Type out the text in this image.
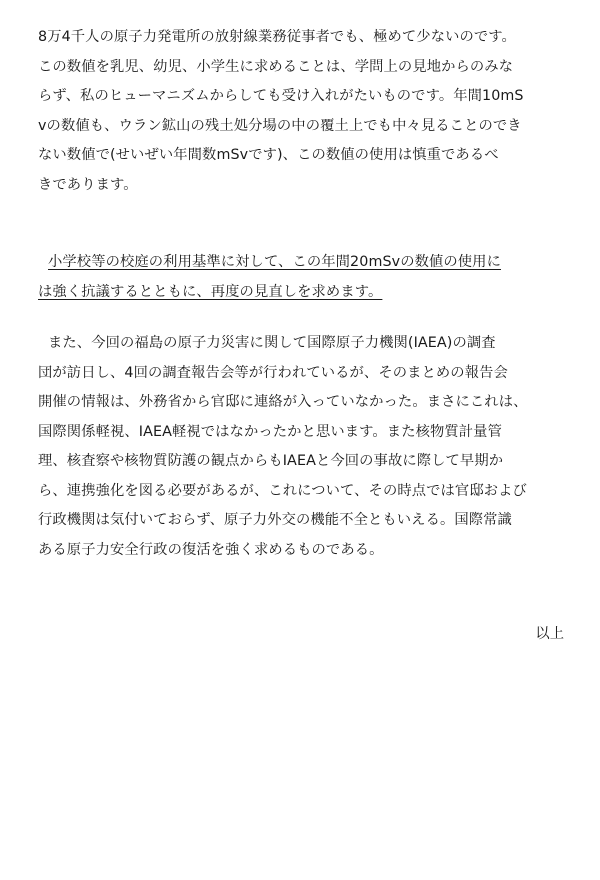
8万4千人の原子力発電所の放射線業務従事者でも、極めて少ないのです。
この数値を乳児、幼児、小学生に求めることは、学問上の見地からのみな
らず、私のヒューマニズムからしても受け入れがたいものです。年間10mS
vの数値も、ウラン鉱山の残土処分場の中の覆土上でも中々見ることのでき
ない数値で(せいぜい年間数mSvです)、この数値の使用は慎重であるべ
きであります。
小学校等の校庭の利用基準に対して、この年間20mSvの数値の使用に
は強く抗議するとともに、再度の見直しを求めます。
また、今回の福島の原子力災害に関して国際原子力機関(IAEA)の調査
団が訪日し、4回の調査報告会等が行われているが、そのまとめの報告会
開催の情報は、外務省から官邸に連絡が入っていなかった。まさにこれは、
国際関係軽視、IAEA軽視ではなかったかと思います。また核物質計量管
理、核査察や核物質防護の観点からもIAEAと今回の事故に際して早期か
ら、連携強化を図る必要があるが、これについて、その時点では官邸および
行政機関は気付いておらず、原子力外交の機能不全ともいえる。国際常識
ある原子力安全行政の復活を強く求めるものである。

以上
